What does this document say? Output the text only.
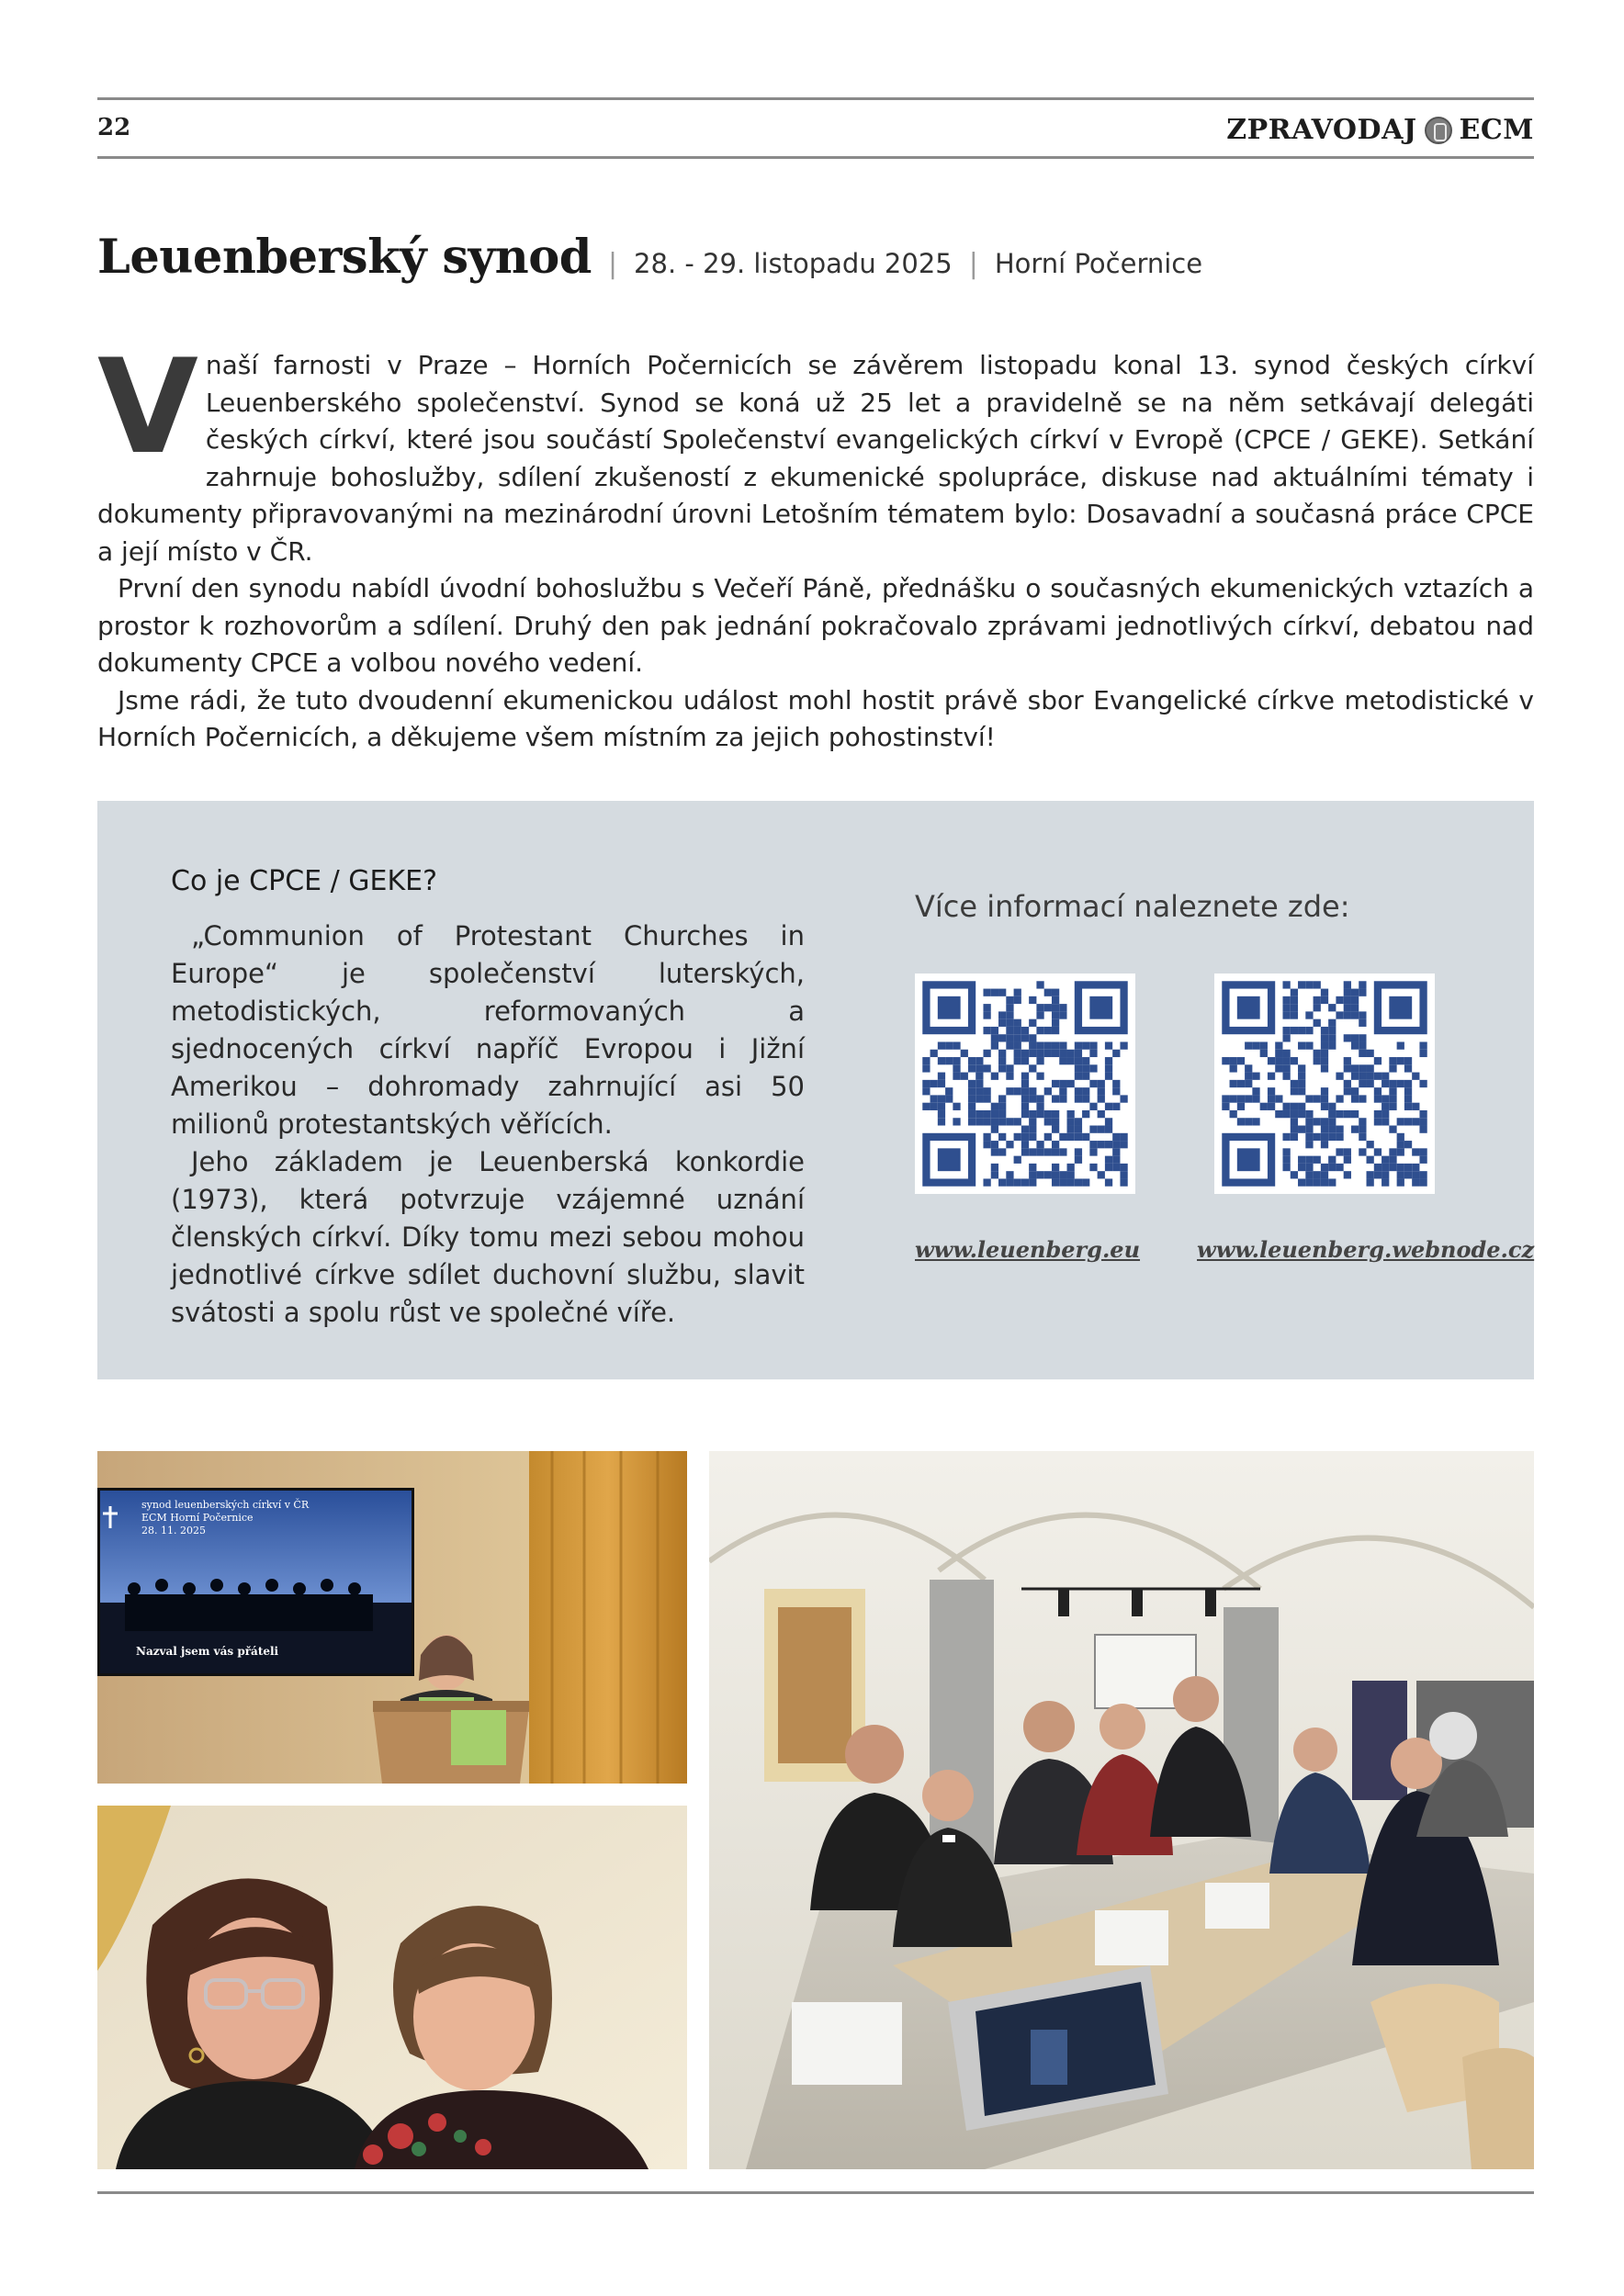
22	ZPRAVODAJ ECM
Leuenberský synod | 28. - 29. listopadu 2025 | Horní Počernice

Vnaší farnosti v Praze – Horních Počernicích se závěrem listopadu konal 13. synod českých církví Leuenberského společenství. Synod se koná už 25 let a pravidelně se na něm setkávají delegáti českých církví, které jsou součástí Společenství evangelických církví v Evropě (CPCE / GEKE). Setkání zahrnuje bohoslužby, sdílení zkušeností z ekumenické spolupráce, diskuse nad aktuálními tématy i dokumenty připravovanými na mezinárodní úrovni Letošním tématem bylo: Dosavadní a současná práce CPCE a její místo v ČR.

První den synodu nabídl úvodní bohoslužbu s Večeří Páně, přednášku o současných ekumenických vztazích a prostor k rozhovorům a sdílení. Druhý den pak jednání pokračovalo zprávami jednotlivých církví, debatou nad dokumenty CPCE a volbou nového vedení.

Jsme rádi, že tuto dvoudenní ekumenickou událost mohl hostit právě sbor Evangelické církve metodistické v Horních Počernicích, a děkujeme všem místním za jejich pohostinství!

Co je CPCE / GEKE?

„Communion of Protestant Churches in Europe“ je společenství luterských, metodistických, reformovaných a sjednocených církví napříč Evropou i Jižní Amerikou – dohromady zahrnující asi 50 milionů protestantských věřících.

Jeho základem je Leuenberská konkordie (1973), která potvrzuje vzájemné uznání členských církví. Díky tomu mezi sebou mohou jednotlivé církve sdílet duchovní službu, slavit svátosti a spolu růst ve společné víře.

Více informací naleznete zde:
www.leuenberg.eu	www.leuenberg.webnode.cz
synod leuenberských církví v ČR
ECM Horní Počernice
28. 11. 2025
Nazval jsem vás přáteli
